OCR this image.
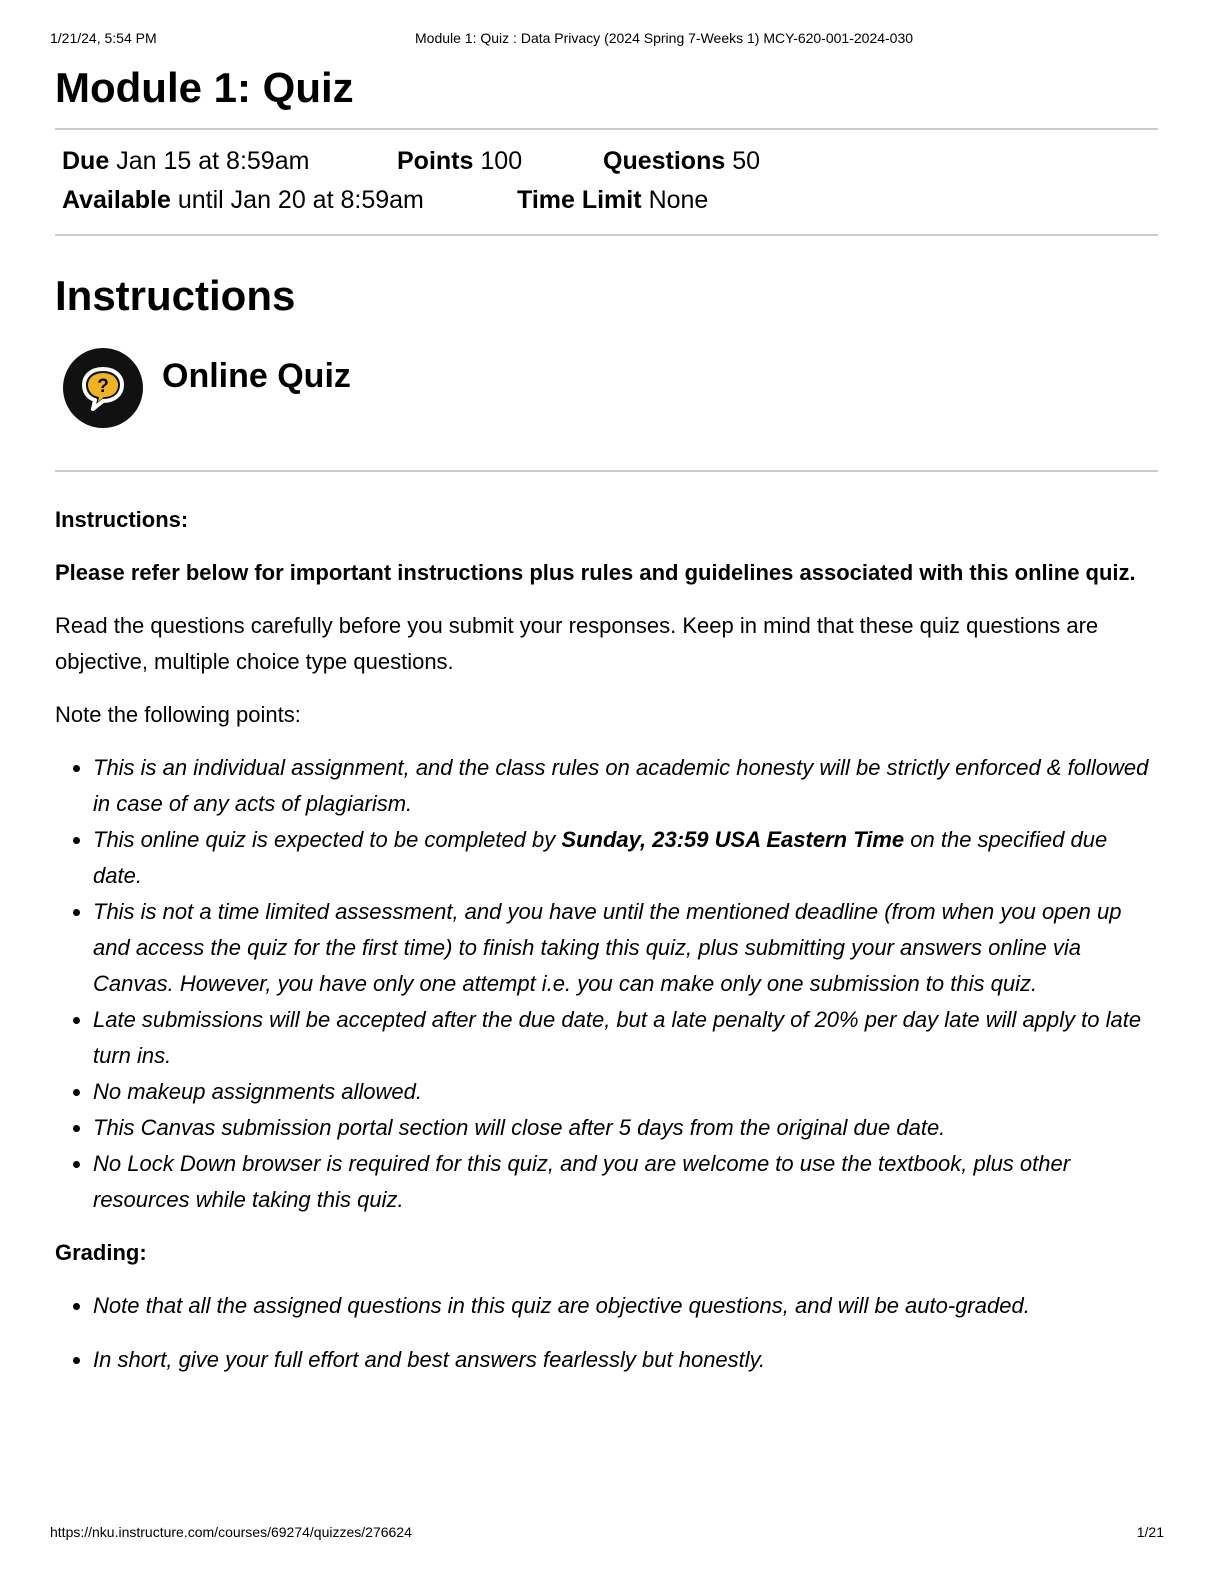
1/21/24, 5:54 PM	Module 1: Quiz : Data Privacy (2024 Spring 7-Weeks 1) MCY-620-001-2024-030
Module 1: Quiz
Due Jan 15 at 8:59am	Points 100	Questions 50
Available until Jan 20 at 8:59am	Time Limit None
Instructions
? Online Quiz

Instructions:

Please refer below for important instructions plus rules and guidelines associated with this online quiz.

Read the questions carefully before you submit your responses. Keep in mind that these quiz questions are objective, multiple choice type questions.

Note the following points:

• This is an individual assignment, and the class rules on academic honesty will be strictly enforced & followed in case of any acts of plagiarism.
• This online quiz is expected to be completed by Sunday, 23:59 USA Eastern Time on the specified due date.
• This is not a time limited assessment, and you have until the mentioned deadline (from when you open up and access the quiz for the first time) to finish taking this quiz, plus submitting your answers online via Canvas. However, you have only one attempt i.e. you can make only one submission to this quiz.
• Late submissions will be accepted after the due date, but a late penalty of 20% per day late will apply to late turn ins.
• No makeup assignments allowed.
• This Canvas submission portal section will close after 5 days from the original due date.
• No Lock Down browser is required for this quiz, and you are welcome to use the textbook, plus other resources while taking this quiz.

Grading:

• Note that all the assigned questions in this quiz are objective questions, and will be auto-graded.
• In short, give your full effort and best answers fearlessly but honestly.
https://nku.instructure.com/courses/69274/quizzes/276624	1/21
